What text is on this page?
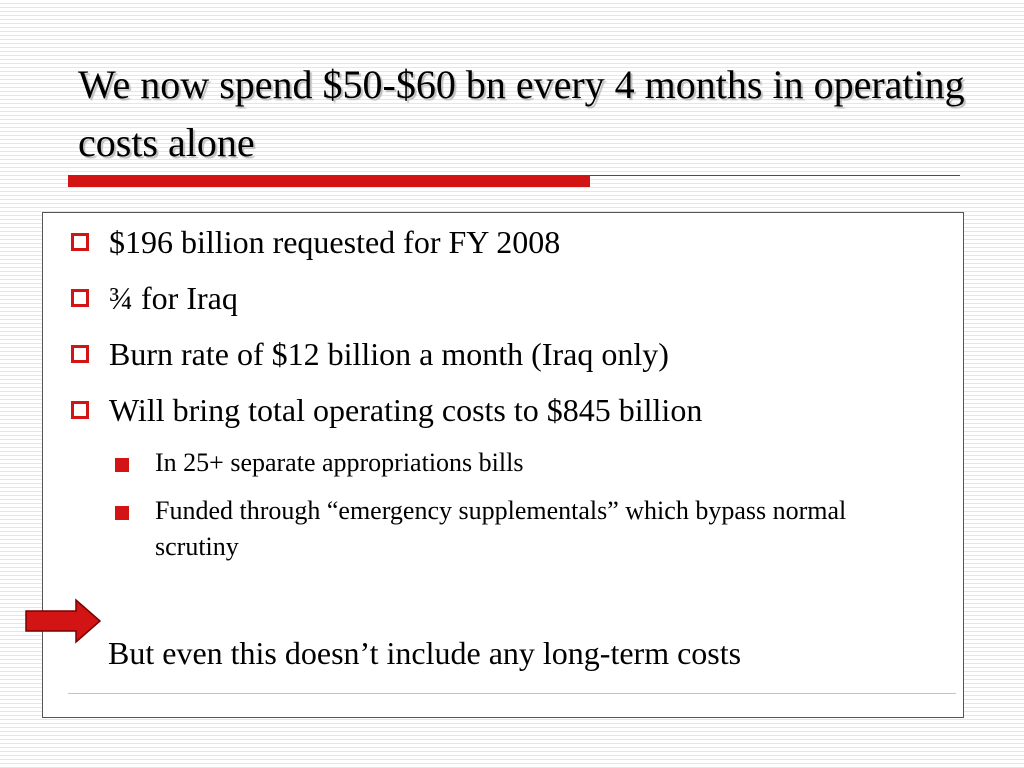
We now spend $50-$60 bn every 4 months in operating costs alone
$196 billion requested for FY 2008
¾ for Iraq
Burn rate of $12 billion a month (Iraq only)
Will bring total operating costs to $845 billion
In 25+ separate appropriations bills
Funded through “emergency supplementals” which bypass normal scrutiny
But even this doesn’t include any long-term costs
